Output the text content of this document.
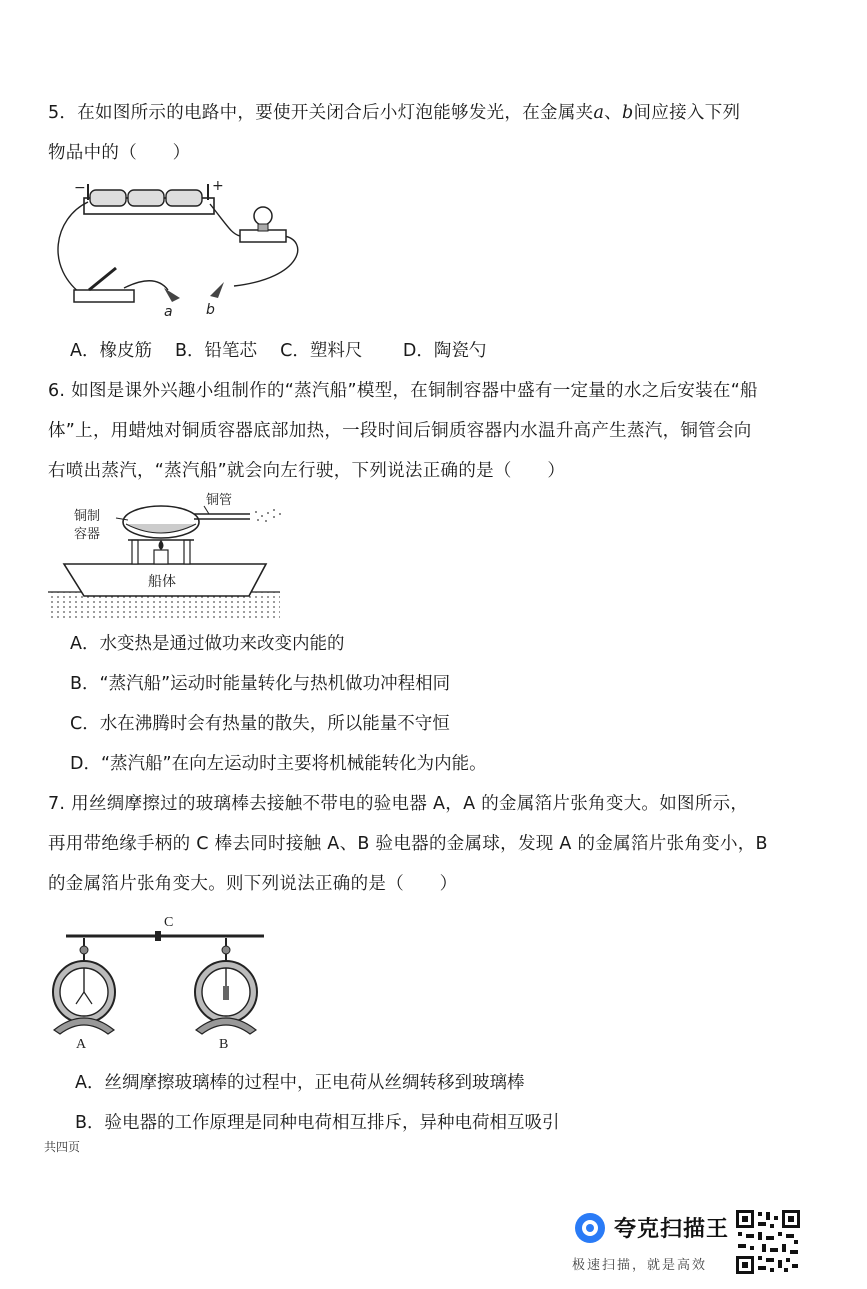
5．在如图所示的电路中，要使开关闭合后小灯泡能够发光，在金属夹a、b间应接入下列
物品中的（　　）
−	+
a b
A．橡皮筋　 B．铅笔芯　 C．塑料尺　　 D．陶瓷勺
6. 如图是课外兴趣小组制作的“蒸汽船”模型，在铜制容器中盛有一定量的水之后安装在“船
体”上，用蜡烛对铜质容器底部加热，一段时间后铜质容器内水温升高产生蒸汽，铜管会向
右喷出蒸汽，“蒸汽船”就会向左行驶，下列说法正确的是（　　）
铜制
容器
铜管
船体
A．水变热是通过做功来改变内能的
B．“蒸汽船”运动时能量转化与热机做功冲程相同
C．水在沸腾时会有热量的散失，所以能量不守恒
D．“蒸汽船”在向左运动时主要将机械能转化为内能。
7. 用丝绸摩擦过的玻璃棒去接触不带电的验电器 A，A 的金属箔片张角变大。如图所示，
再用带绝缘手柄的 C 棒去同时接触 A、B 验电器的金属球，发现 A 的金属箔片张角变小，B
的金属箔片张角变大。则下列说法正确的是（　　）
C
A	B
A．丝绸摩擦玻璃棒的过程中，正电荷从丝绸转移到玻璃棒
B．验电器的工作原理是同种电荷相互排斥，异种电荷相互吸引
共四页
夸克扫描王
极速扫描，就是高效
